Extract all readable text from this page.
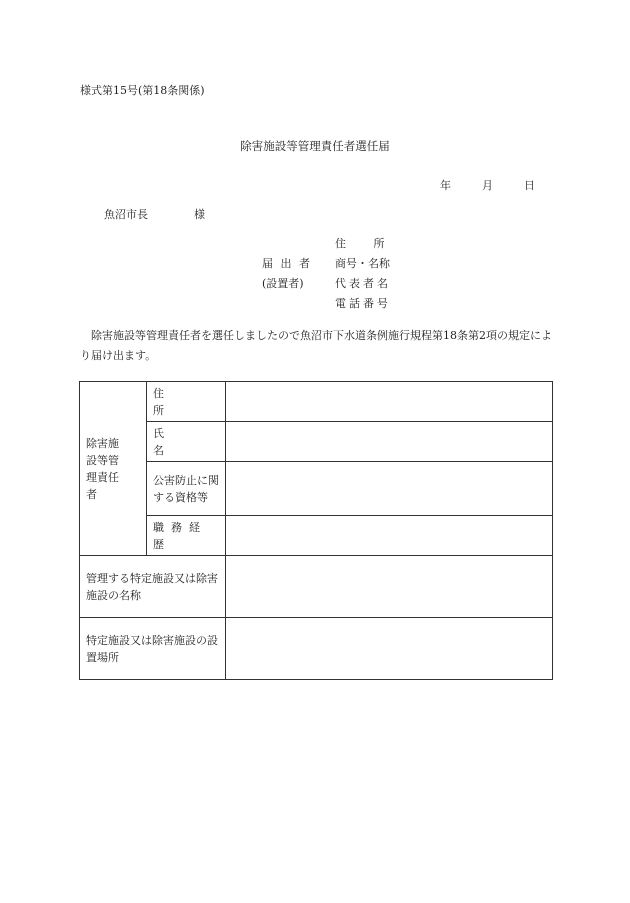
様式第15号(第18条関係)
除害施設等管理責任者選任届
年	月	日
魚沼市長	様
届 出 者
(設置者)
住 所
商号・名称
代表者名
電話番号
除害施設等管理責任者を選任しましたので魚沼市下水道条例施行規程第18条第2項の規定により届け出ます。
除害施設等管理責任者	住所	
	氏名	

	公害防止に関する資格等	

	職務経歴	

管理する特定施設又は除害施設の名称		

特定施設又は除害施設の設置場所		
